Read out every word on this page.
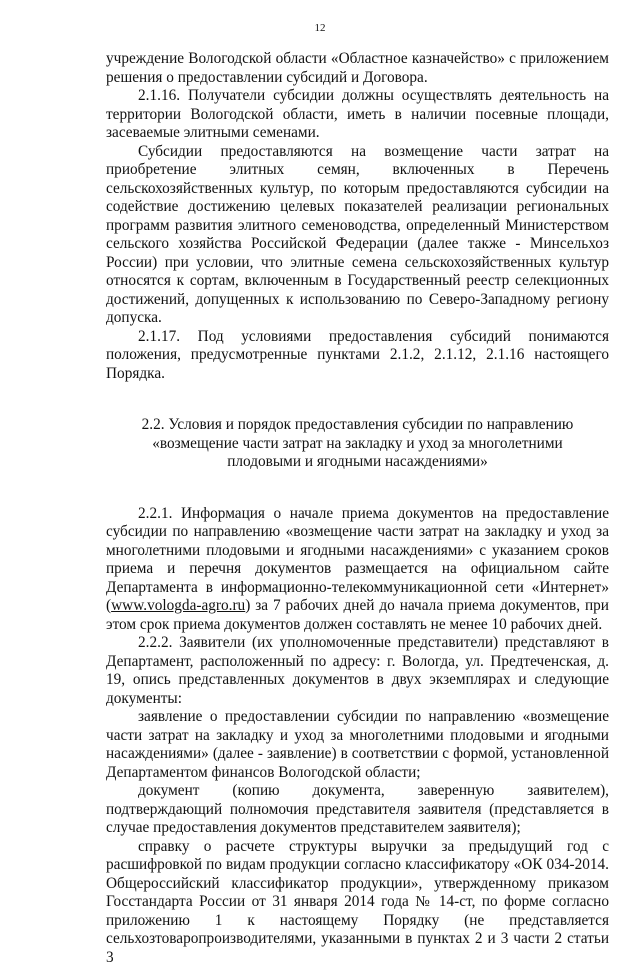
12

учреждение Вологодской области «Областное казначейство» с приложением решения о предоставлении субсидий и Договора.

2.1.16. Получатели субсидии должны осуществлять деятельность на территории Вологодской области, иметь в наличии посевные площади, засеваемые элитными семенами.

Субсидии предоставляются на возмещение части затрат на приобретение элитных семян, включенных в Перечень сельскохозяйственных культур, по которым предоставляются субсидии на содействие достижению целевых показателей реализации региональных программ развития элитного семеноводства, определенный Министерством сельского хозяйства Российской Федерации (далее также - Минсельхоз России) при условии, что элитные семена сельскохозяйственных культур относятся к сортам, включенным в Государственный реестр селекционных достижений, допущенных к использованию по Северо-Западному региону допуска.

2.1.17. Под условиями предоставления субсидий понимаются положения, предусмотренные пунктами 2.1.2, 2.1.12, 2.1.16 настоящего Порядка.

2.2. Условия и порядок предоставления субсидии по направлению «возмещение части затрат на закладку и уход за многолетними плодовыми и ягодными насаждениями»

2.2.1. Информация о начале приема документов на предоставление субсидии по направлению «возмещение части затрат на закладку и уход за многолетними плодовыми и ягодными насаждениями» с указанием сроков приема и перечня документов размещается на официальном сайте Департамента в информационно-телекоммуникационной сети «Интернет» (www.vologda-agro.ru) за 7 рабочих дней до начала приема документов, при этом срок приема документов должен составлять не менее 10 рабочих дней.

2.2.2. Заявители (их уполномоченные представители) представляют в Департамент, расположенный по адресу: г. Вологда, ул. Предтеченская, д. 19, опись представленных документов в двух экземплярах и следующие документы:

заявление о предоставлении субсидии по направлению «возмещение части затрат на закладку и уход за многолетними плодовыми и ягодными насаждениями» (далее - заявление) в соответствии с формой, установленной Департаментом финансов Вологодской области;

документ (копию документа, заверенную заявителем), подтверждающий полномочия представителя заявителя (представляется в случае предоставления документов представителем заявителя);

справку о расчете структуры выручки за предыдущий год с расшифровкой по видам продукции согласно классификатору «ОК 034-2014. Общероссийский классификатор продукции», утвержденному приказом Госстандарта России от 31 января 2014 года № 14-ст, по форме согласно приложению 1 к настоящему Порядку (не представляется сельхозтоваропроизводителями, указанными в пунктах 2 и 3 части 2 статьи 3
